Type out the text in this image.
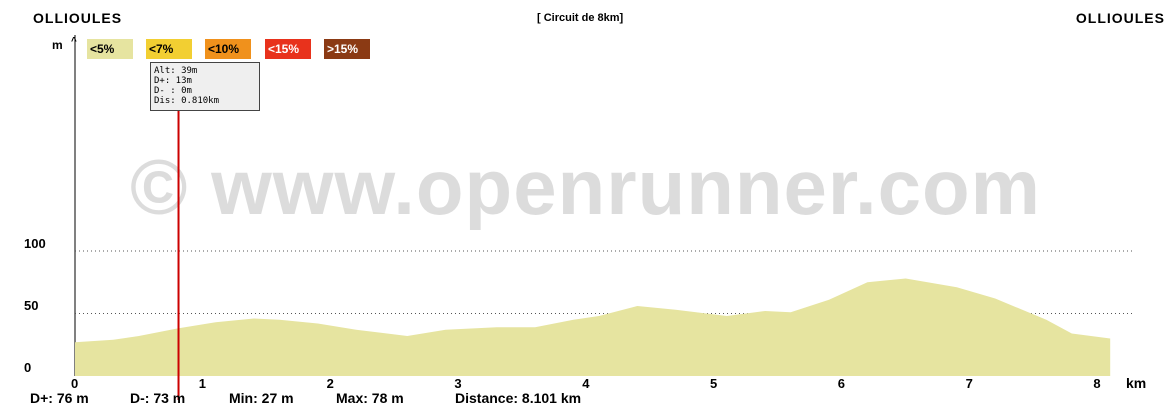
OLLIOULES	[ Circuit de 8km]	OLLIOULES
<5%	<7%	<10%	<15%	>15%
© www.openrunner.com
^
0	1	2	3	4	5	6	7	8
m
100
50
0
km
Alt: 39m
D+: 13m
D- : 0m
Dis: 0.810km
D+: 76 m	D-: 73 m	Min: 27 m	Max: 78 m	Distance: 8.101 km
